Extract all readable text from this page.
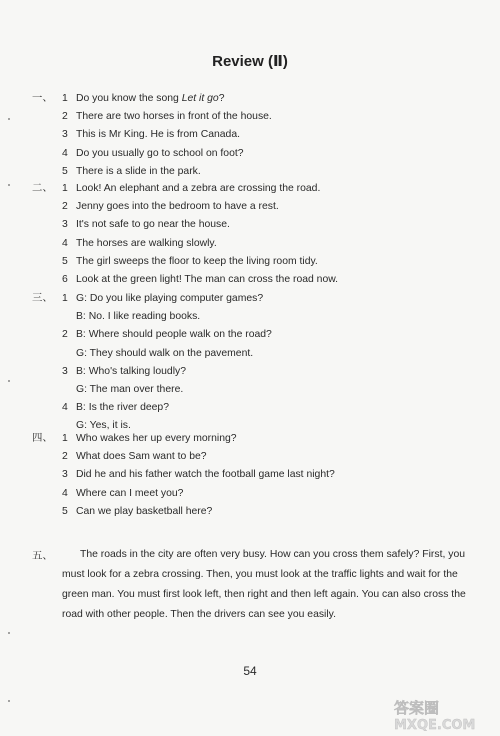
Review (Ⅱ)
一、 1 Do you know the song Let it go?
2 There are two horses in front of the house.
3 This is Mr King. He is from Canada.
4 Do you usually go to school on foot?
5 There is a slide in the park.
二、 1 Look! An elephant and a zebra are crossing the road.
2 Jenny goes into the bedroom to have a rest.
3 It's not safe to go near the house.
4 The horses are walking slowly.
5 The girl sweeps the floor to keep the living room tidy.
6 Look at the green light! The man can cross the road now.
三、 1 G: Do you like playing computer games?
B: No. I like reading books.
2 B: Where should people walk on the road?
G: They should walk on the pavement.
3 B: Who's talking loudly?
G: The man over there.
4 B: Is the river deep?
G: Yes, it is.
四、 1 Who wakes her up every morning?
2 What does Sam want to be?
3 Did he and his father watch the football game last night?
4 Where can I meet you?
5 Can we play basketball here?
五、	The roads in the city are often very busy. How can you cross them safely? First, you must look for a zebra crossing. Then, you must look at the traffic lights and wait for the green man. You must first look left, then right and then left again. You can also cross the road with other people. Then the drivers can see you easily.
54
答案圈
MXQE.COM
